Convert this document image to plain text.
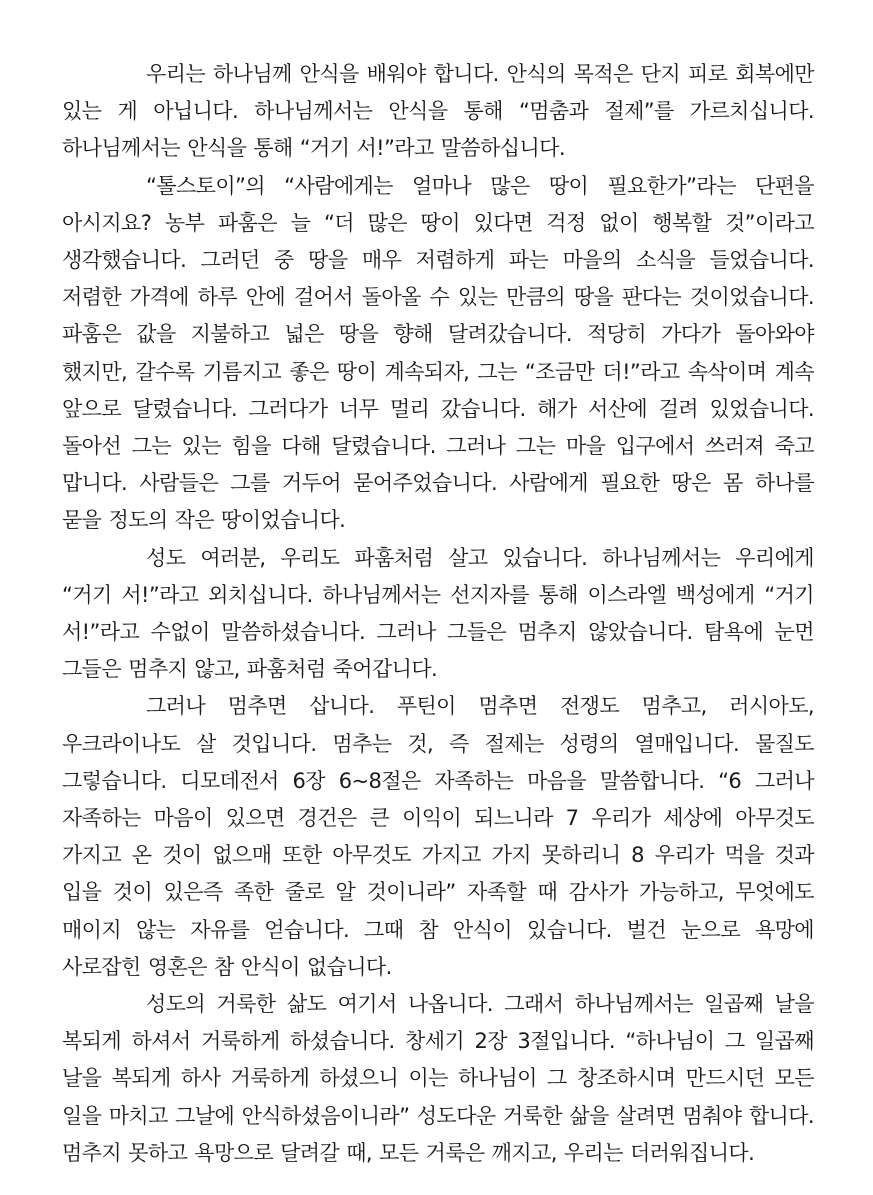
우리는 하나님께 안식을 배워야 합니다. 안식의 목적은 단지 피로 회복에만 있는 게 아닙니다. 하나님께서는 안식을 통해 “멈춤과 절제”를 가르치십니다. 하나님께서는 안식을 통해 “거기 서!”라고 말씀하십니다.

“톨스토이”의 “사람에게는 얼마나 많은 땅이 필요한가”라는 단편을 아시지요? 농부 파훔은 늘 “더 많은 땅이 있다면 걱정 없이 행복할 것”이라고 생각했습니다. 그러던 중 땅을 매우 저렴하게 파는 마을의 소식을 들었습니다. 저렴한 가격에 하루 안에 걸어서 돌아올 수 있는 만큼의 땅을 판다는 것이었습니다. 파훔은 값을 지불하고 넓은 땅을 향해 달려갔습니다. 적당히 가다가 돌아와야 했지만, 갈수록 기름지고 좋은 땅이 계속되자, 그는 “조금만 더!”라고 속삭이며 계속 앞으로 달렸습니다. 그러다가 너무 멀리 갔습니다. 해가 서산에 걸려 있었습니다. 돌아선 그는 있는 힘을 다해 달렸습니다. 그러나 그는 마을 입구에서 쓰러져 죽고 맙니다. 사람들은 그를 거두어 묻어주었습니다. 사람에게 필요한 땅은 몸 하나를 묻을 정도의 작은 땅이었습니다.

성도 여러분, 우리도 파훔처럼 살고 있습니다. 하나님께서는 우리에게 “거기 서!”라고 외치십니다. 하나님께서는 선지자를 통해 이스라엘 백성에게 “거기 서!”라고 수없이 말씀하셨습니다. 그러나 그들은 멈추지 않았습니다. 탐욕에 눈먼 그들은 멈추지 않고, 파훔처럼 죽어갑니다.

그러나 멈추면 삽니다. 푸틴이 멈추면 전쟁도 멈추고, 러시아도, 우크라이나도 살 것입니다. 멈추는 것, 즉 절제는 성령의 열매입니다. 물질도 그렇습니다. 디모데전서 6장 6~8절은 자족하는 마음을 말씀합니다. “6 그러나 자족하는 마음이 있으면 경건은 큰 이익이 되느니라 7 우리가 세상에 아무것도 가지고 온 것이 없으매 또한 아무것도 가지고 가지 못하리니 8 우리가 먹을 것과 입을 것이 있은즉 족한 줄로 알 것이니라” 자족할 때 감사가 가능하고, 무엇에도 매이지 않는 자유를 얻습니다. 그때 참 안식이 있습니다. 벌건 눈으로 욕망에 사로잡힌 영혼은 참 안식이 없습니다.

성도의 거룩한 삶도 여기서 나옵니다. 그래서 하나님께서는 일곱째 날을 복되게 하셔서 거룩하게 하셨습니다. 창세기 2장 3절입니다. “하나님이 그 일곱째 날을 복되게 하사 거룩하게 하셨으니 이는 하나님이 그 창조하시며 만드시던 모든 일을 마치고 그날에 안식하셨음이니라” 성도다운 거룩한 삶을 살려면 멈춰야 합니다. 멈추지 못하고 욕망으로 달려갈 때, 모든 거룩은 깨지고, 우리는 더러워집니다.
